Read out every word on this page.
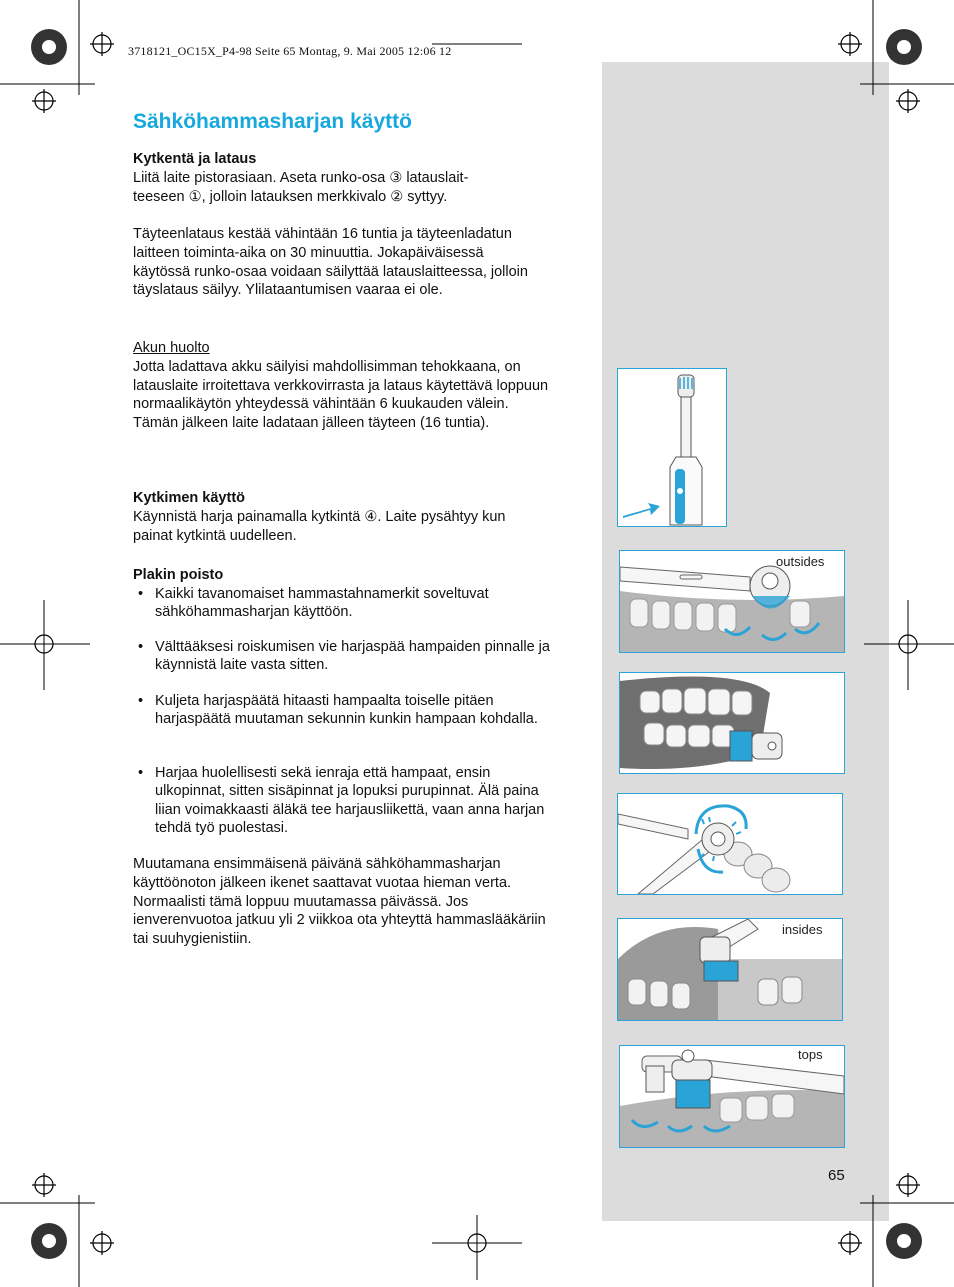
3718121_OC15X_P4-98 Seite 65 Montag, 9. Mai 2005 12:06 12
Sähköhammasharjan käyttö

Kytkentä ja lataus

Liitä laite pistorasiaan. Aseta runko-osa ③ latauslait-

teeseen ①, jolloin latauksen merkkivalo ② syttyy.

Täyteenlataus kestää vähintään 16 tuntia ja täyteenladatun laitteen toiminta-aika on 30 minuuttia. Jokapäiväisessä käytössä runko-osaa voidaan säilyttää latauslaitteessa, jolloin täyslataus säilyy. Ylilataantumisen vaaraa ei ole.

Akun huolto

Jotta ladattava akku säilyisi mahdollisimman tehokkaana, on latauslaite irroitettava verkkovirrasta ja lataus käytettävä loppuun normaalikäytön yhteydessä vähintään 6 kuukauden välein. Tämän jälkeen laite ladataan jälleen täyteen (16 tuntia).

Kytkimen käyttö

Käynnistä harja painamalla kytkintä ④. Laite pysähtyy kun painat kytkintä uudelleen.

Plakin poisto
• Kaikki tavanomaiset hammastahnamerkit soveltuvat sähköhammasharjan käyttöön.
• Välttääksesi roiskumisen vie harjaspää hampaiden pinnalle ja käynnistä laite vasta sitten.
• Kuljeta harjaspäätä hitaasti hampaalta toiselle pitäen harjaspäätä muutaman sekunnin kunkin hampaan kohdalla.
• Harjaa huolellisesti sekä ienraja että hampaat, ensin ulkopinnat, sitten sisäpinnat ja lopuksi purupinnat. Älä paina liian voimakkaasti äläkä tee harjausliikettä, vaan anna harjan tehdä työ puolestasi.
Muutamana ensimmäisenä päivänä sähköhammasharjan käyttöönoton jälkeen ikenet saattavat vuotaa hieman verta. Normaalisti tämä loppuu muutamassa päivässä. Jos ienverenvuotoa jatkuu yli 2 viikkoa ota yhteyttä hammaslääkäriin tai suuhygienistiin.
outsides
insides
tops
65
